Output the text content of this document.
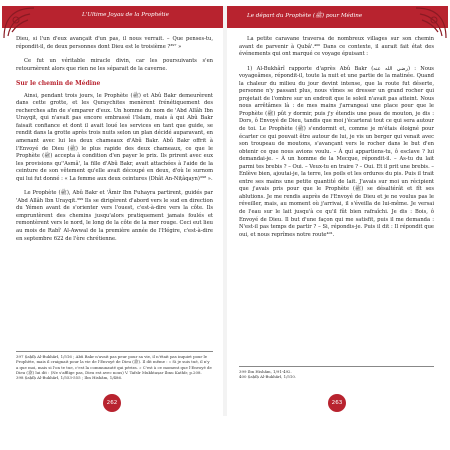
L'Ultime Joyau de la Prophétie

Dieu, si l'un d'eux avançait d'un pas, il nous verrait. – Que penses-tu, répondit-il, de deux personnes dont Dieu est le troisième ?³⁹⁷ »

Ce fut un véritable miracle divin, car les poursuivants s'en retournèrent alors que rien ne les séparait de la caverne.

Sur le chemin de Médine

Ainsi, pendant trois jours, le Prophète (ﷺ) et Abû Bakr demeurèrent dans cette grotte, et les Quraychites menèrent frénétiquement des recherches afin de s'emparer d'eux. Un homme du nom de 'Abd Allâh Ibn Urayqit, qui n'avait pas encore embrassé l'Islam, mais à qui Abû Bakr faisait confiance et dont il avait loué les services en tant que guide, se rendit dans la grotte après trois nuits selon un plan décidé auparavant, en amenant avec lui les deux chameaux d'Abû Bakr. Abû Bakr offrit à l'Envoyé de Dieu (ﷺ) le plus rapide des deux chameaux, ce que le Prophète (ﷺ) accepta à condition d'en payer le prix. Ils prirent avec eux les provisions qu''Asmâ', la fille d'Abû Bakr, avait attachées à l'aide de la ceinture de son vêtement qu'elle avait découpé en deux, d'où le surnom qui lui fut donné : « La femme aux deux ceintures (Dhât An-Niṭâqayn)³⁹⁸ ».

Le Prophète (ﷺ), Abû Bakr et 'Âmir Ibn Fuhayra partirent, guidés par 'Abd Allâh Ibn Urayqit.³⁹⁹ Ils se dirigèrent d'abord vers le sud en direction du Yémen avant de s'orienter vers l'ouest, c'est-à-dire vers la côte. Ils empruntèrent des chemins jusqu'alors pratiquement jamais foulés et remontèrent vers le nord, le long de la côte de la mer rouge. Ceci eut lieu au mois de Rabî' Al-Awwal de la première année de l'Hégire, c'est-à-dire en septembre 622 de l'ère chrétienne.

397 Ṣaḥîḥ Al-Bukhârî, 1/516 ; Abû Bakr n'avait pas peur pour sa vie, il n'était pas inquiet pour le Prophète, mais il craignait pour la vie de l'Envoyé de Dieu (ﷺ). Il dit même : « Si je suis tué, il n'y a que moi, mais si l'on te tue, c'est la communauté qui périra. » C'est à ce moment que l'Envoyé de Dieu (ﷺ) lui dit : (Ne s'afflige pas, Dieu est avec nous) V. Tafsîr Mukhtaṣar Ibnu Kathîr, p.208.
398 Ṣaḥîḥ Al-Bukhârî, 1/553-555 ; Ibn Hishâm, 1/486.
262
Le départ du Prophète (ﷺ) pour Médine

La petite caravane traversa de nombreux villages sur son chemin avant de parvenir à Qubâ'.⁴⁰⁰ Dans ce contexte, il aurait fait état des événements qui ont marqué ce voyage épuisant :

1) Al-Bukhârî rapporte d'après Abû Bakr (رضي الله عنه) : Nous voyageâmes, répondit-il, toute la nuit et une partie de la matinée. Quand la chaleur du milieu du jour devint intense, que la route fut déserte, personne n'y passant plus, nous vîmes se dresser un grand rocher qui projetait de l'ombre sur un endroit que le soleil n'avait pas atteint. Nous nous arrêtâmes là : de mes mains j'arrangeai une place pour que le Prophète (ﷺ) pût y dormir, puis j'y étendis une peau de mouton, je dis : Dors, ô Envoyé de Dieu, tandis que moi j'écarterai tout ce qui sera autour de toi. Le Prophète (ﷺ) s'endormit et, comme je m'étais éloigné pour écarter ce qui pouvait être autour de lui, je vis un berger qui venait avec son troupeau de moutons, s'avançant vers le rocher dans le but d'en obtenir ce que nous avions voulu. – À qui appartiens-tu, ô esclave ? lui demandai-je. – À un homme de la Mecque, répondit-il. – As-tu du lait parmi tes brebis ? – Oui. – Veux-tu en traire ? – Oui. Et il prit une brebis. – Enlève bien, ajoutai-je, la terre, les poils et les ordures du pis. Puis il trait entre ses mains une petite quantité de lait. J'avais sur moi un récipient que j'avais pris pour que le Prophète (ﷺ) se désaltérât et fît ses ablutions. Je me rendis auprès de l'Envoyé de Dieu et je ne voulus pas le réveiller, mais, au moment où j'arrivai, il s'éveilla de lui-même. Je versai de l'eau sur le lait jusqu'à ce qu'il fût bien rafraîchi. Je dis : Bois, ô Envoyé de Dieu. Il but d'une façon qui me satisfit, puis il me demanda : N'est-il pas temps de partir ? – Si, répondis-je. Puis il dit : Il répondit que oui, et nous reprîmes notre route⁴⁰¹.

399 Ibn Hishâm, 1/91-492.
400 Ṣaḥîḥ Al-Bukhârî, 1/510.
263
